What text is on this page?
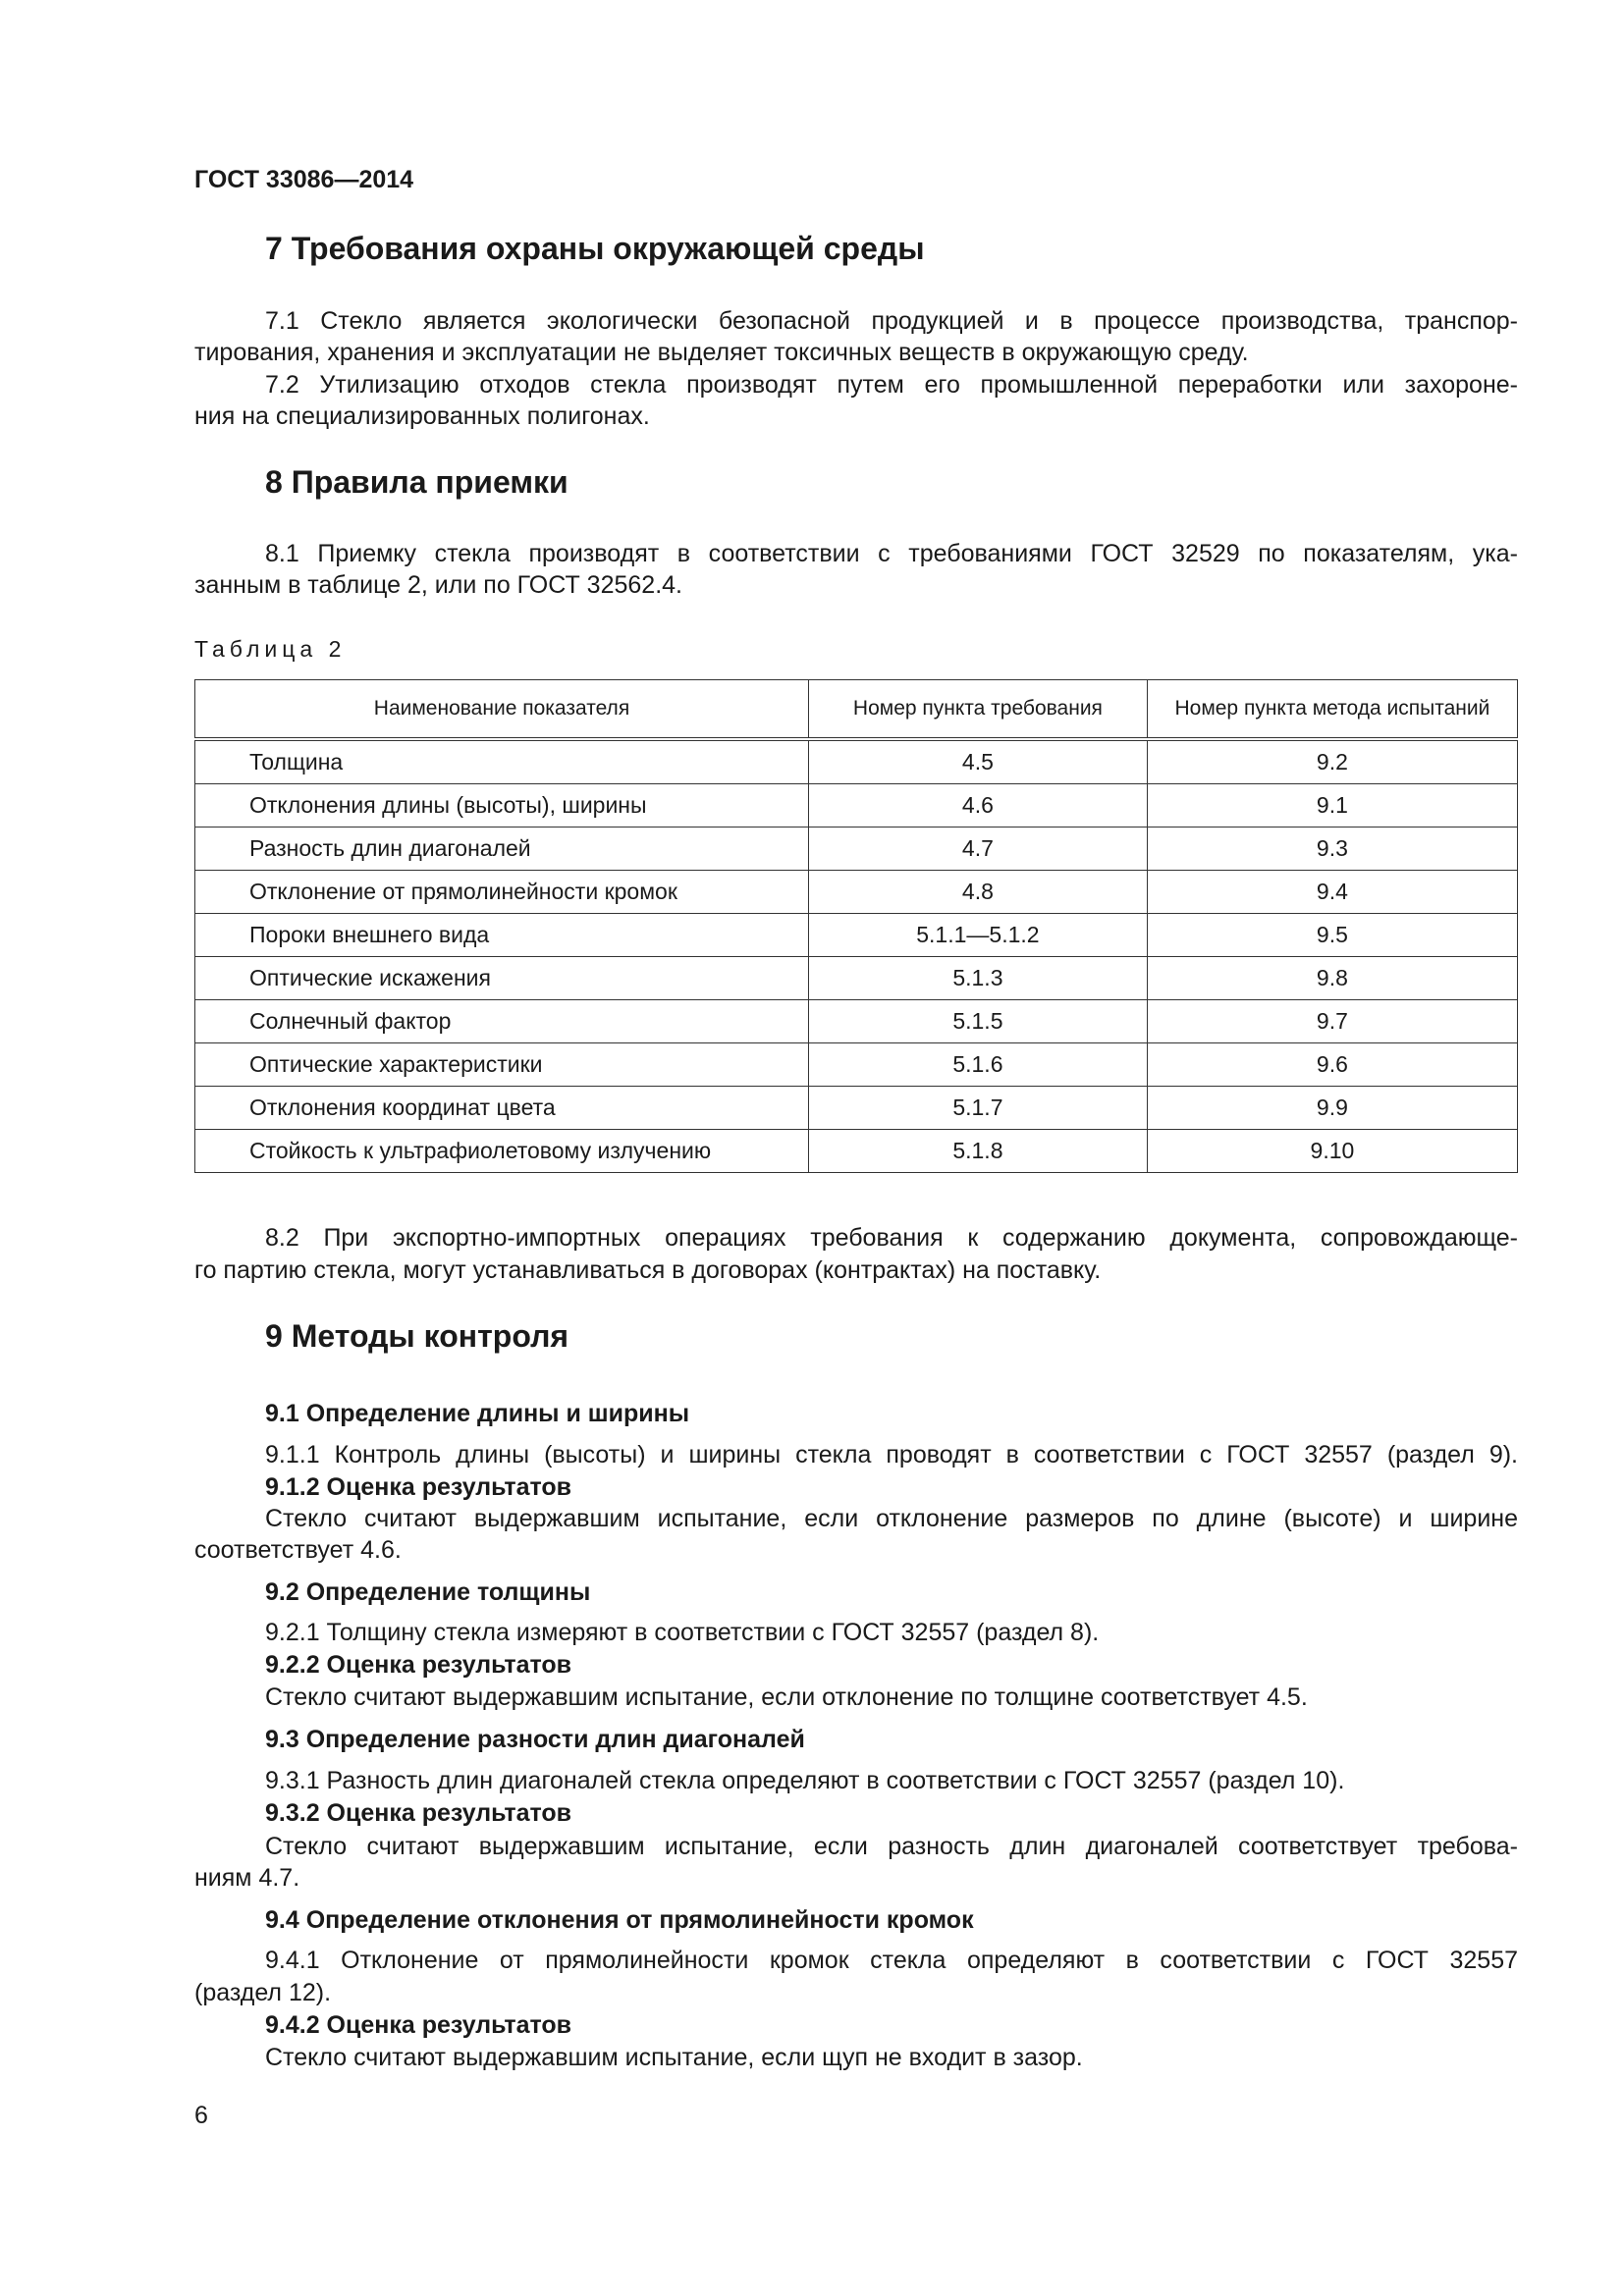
ГОСТ 33086—2014
7 Требования охраны окружающей среды
7.1 Стекло является экологически безопасной продукцией и в процессе производства, транспор-
тирования, хранения и эксплуатации не выделяет токсичных веществ в окружающую среду.
7.2 Утилизацию отходов стекла производят путем его промышленной переработки или захороне-
ния на специализированных полигонах.
8 Правила приемки
8.1 Приемку стекла производят в соответствии с требованиями ГОСТ 32529 по показателям, ука-
занным в таблице 2, или по ГОСТ 32562.4.
Таблица 2
Наименование показателя	Номер пункта требования	Номер пункта метода испытаний
Толщина	4.5	9.2
Отклонения длины (высоты), ширины	4.6	9.1
Разность длин диагоналей	4.7	9.3
Отклонение от прямолинейности кромок	4.8	9.4
Пороки внешнего вида	5.1.1—5.1.2	9.5
Оптические искажения	5.1.3	9.8
Солнечный фактор	5.1.5	9.7
Оптические характеристики	5.1.6	9.6
Отклонения координат цвета	5.1.7	9.9
Стойкость к ультрафиолетовому излучению	5.1.8	9.10
8.2 При экспортно-импортных операциях требования к содержанию документа, сопровождающе-
го партию стекла, могут устанавливаться в договорах (контрактах) на поставку.
9 Методы контроля
9.1 Определение длины и ширины
9.1.1 Контроль длины (высоты) и ширины стекла проводят в соответствии с ГОСТ 32557 (раздел 9).
9.1.2 Оценка результатов
Стекло считают выдержавшим испытание, если отклонение размеров по длине (высоте) и ширине
соответствует 4.6.
9.2 Определение толщины
9.2.1 Толщину стекла измеряют в соответствии с ГОСТ 32557 (раздел 8).
9.2.2 Оценка результатов
Стекло считают выдержавшим испытание, если отклонение по толщине соответствует 4.5.
9.3 Определение разности длин диагоналей
9.3.1 Разность длин диагоналей стекла определяют в соответствии с ГОСТ 32557 (раздел 10).
9.3.2 Оценка результатов
Стекло считают выдержавшим испытание, если разность длин диагоналей соответствует требова-
ниям 4.7.
9.4 Определение отклонения от прямолинейности кромок
9.4.1 Отклонение от прямолинейности кромок стекла определяют в соответствии с ГОСТ 32557
(раздел 12).
9.4.2 Оценка результатов
Стекло считают выдержавшим испытание, если щуп не входит в зазор.
6
